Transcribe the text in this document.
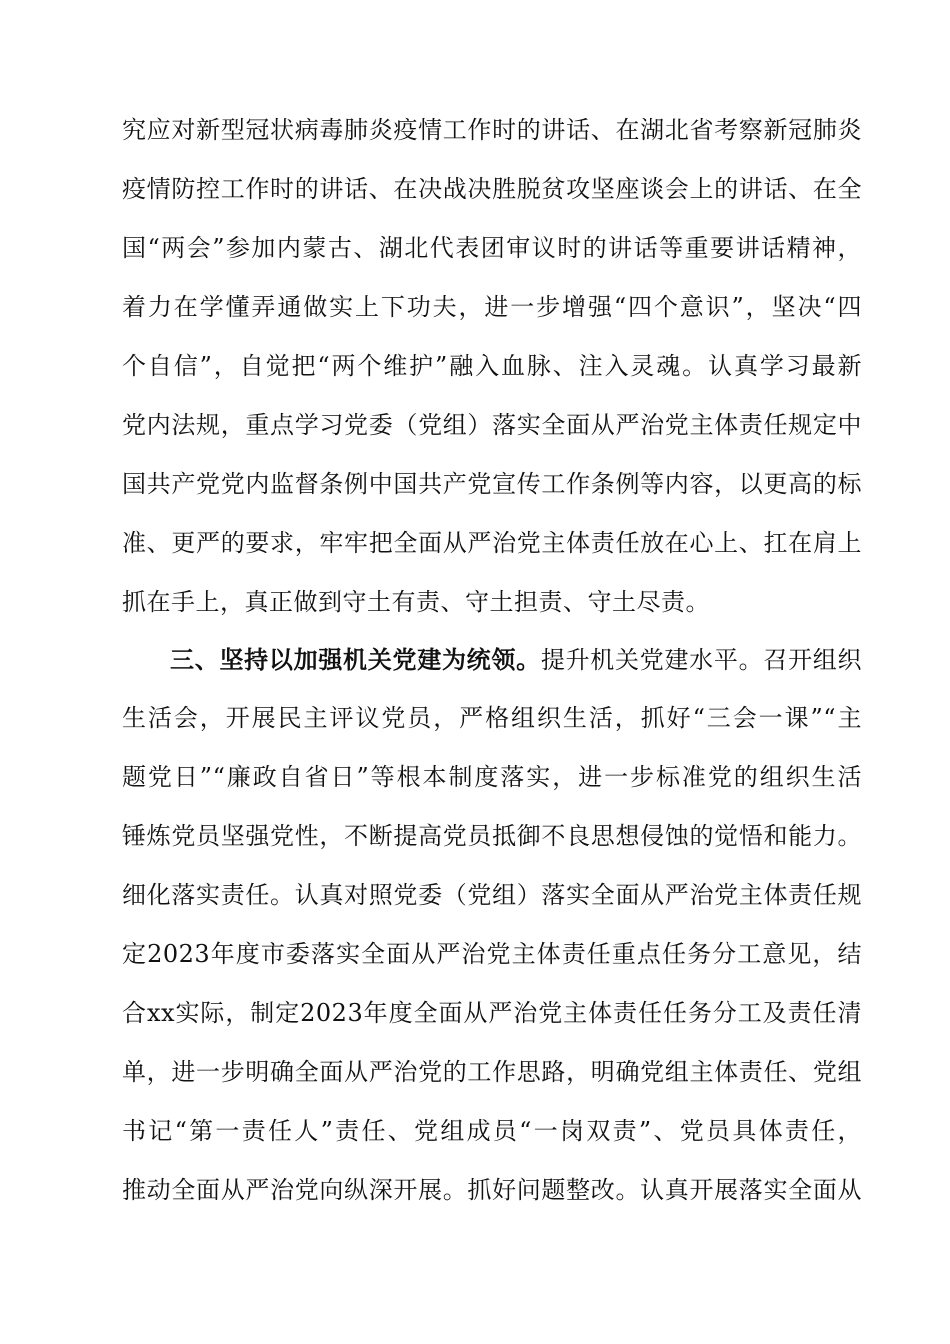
究应对新型冠状病毒肺炎疫情工作时的讲话、在湖北省考察新冠肺炎
疫情防控工作时的讲话、在决战决胜脱贫攻坚座谈会上的讲话、在全
国“两会”参加内蒙古、湖北代表团审议时的讲话等重要讲话精神，
着力在学懂弄通做实上下功夫，进一步增强“四个意识”，坚决“四
个自信”，自觉把“两个维护”融入血脉、注入灵魂。认真学习最新
党内法规，重点学习党委（党组）落实全面从严治党主体责任规定中
国共产党党内监督条例中国共产党宣传工作条例等内容，以更高的标
准、更严的要求，牢牢把全面从严治党主体责任放在心上、扛在肩上
抓在手上，真正做到守土有责、守土担责、守土尽责。
三、坚持以加强机关党建为统领。提升机关党建水平。召开组织
生活会，开展民主评议党员，严格组织生活，抓好“三会一课”“主
题党日”“廉政自省日”等根本制度落实，进一步标准党的组织生活
锤炼党员坚强党性，不断提高党员抵御不良思想侵蚀的觉悟和能力。
细化落实责任。认真对照党委（党组）落实全面从严治党主体责任规
定2023年度市委落实全面从严治党主体责任重点任务分工意见，结
合xx实际，制定2023年度全面从严治党主体责任任务分工及责任清
单，进一步明确全面从严治党的工作思路，明确党组主体责任、党组
书记“第一责任人”责任、党组成员“一岗双责”、党员具体责任，
推动全面从严治党向纵深开展。抓好问题整改。认真开展落实全面从
